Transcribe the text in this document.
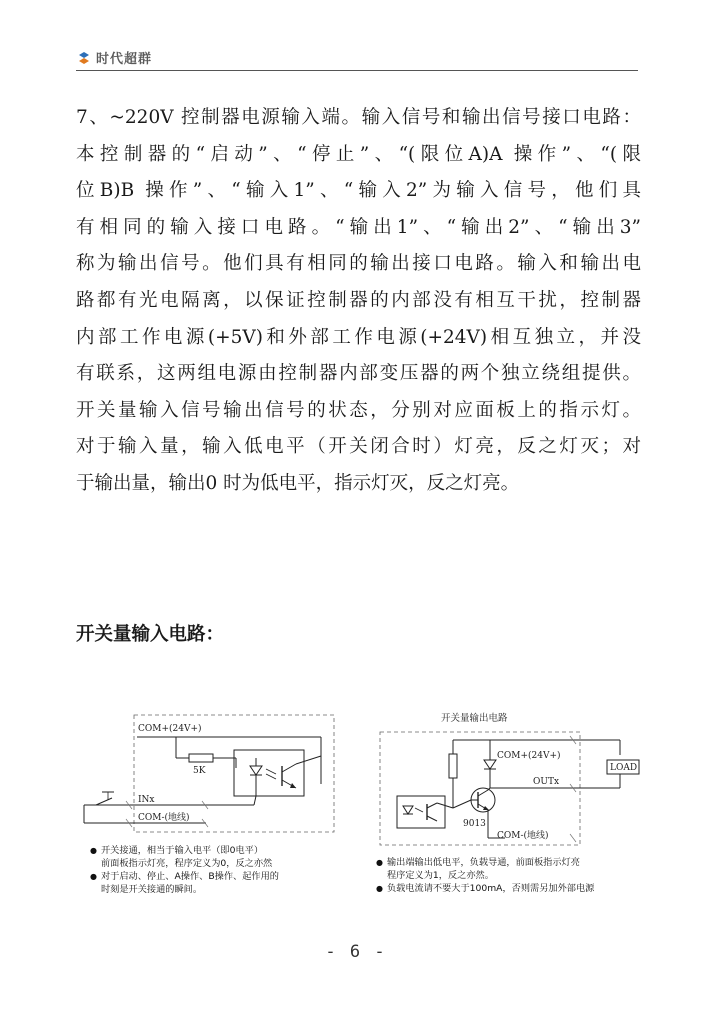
时代超群
7、~220V 控制器电源输入端。输入信号和输出信号接口电路：
本控制器的“启动”、“停止”、“(限位A)A 操作”、“(限
位B)B 操作”、“输入1”、“输入2”为输入信号，他们具
有相同的输入接口电路。“输出1”、“输出2”、“输出3”
称为输出信号。他们具有相同的输出接口电路。输入和输出电
路都有光电隔离，以保证控制器的内部没有相互干扰，控制器
内部工作电源(+5V)和外部工作电源(+24V)相互独立，并没
有联系，这两组电源由控制器内部变压器的两个独立绕组提供。
开关量输入信号输出信号的状态，分别对应面板上的指示灯。
对于输入量，输入低电平（开关闭合时）灯亮，反之灯灭；对
于输出量，输出0 时为低电平，指示灯灭，反之灯亮。
开关量输入电路：
COM+(24V+)
5K
INx
COM-(地线)
● 开关接通，相当于输入电平（即0电平）
前面板指示灯亮，程序定义为0，反之亦然
● 对于启动、停止、A操作、B操作、起作用的
时刻是开关接通的瞬间。
开关量输出电路
COM+(24V+)
OUTx
LOAD
9013
COM-(地线)
● 输出端输出低电平，负载导通，前面板指示灯亮
程序定义为1，反之亦然。
● 负载电流请不要大于100mA，否则需另加外部电源
- 6 -
